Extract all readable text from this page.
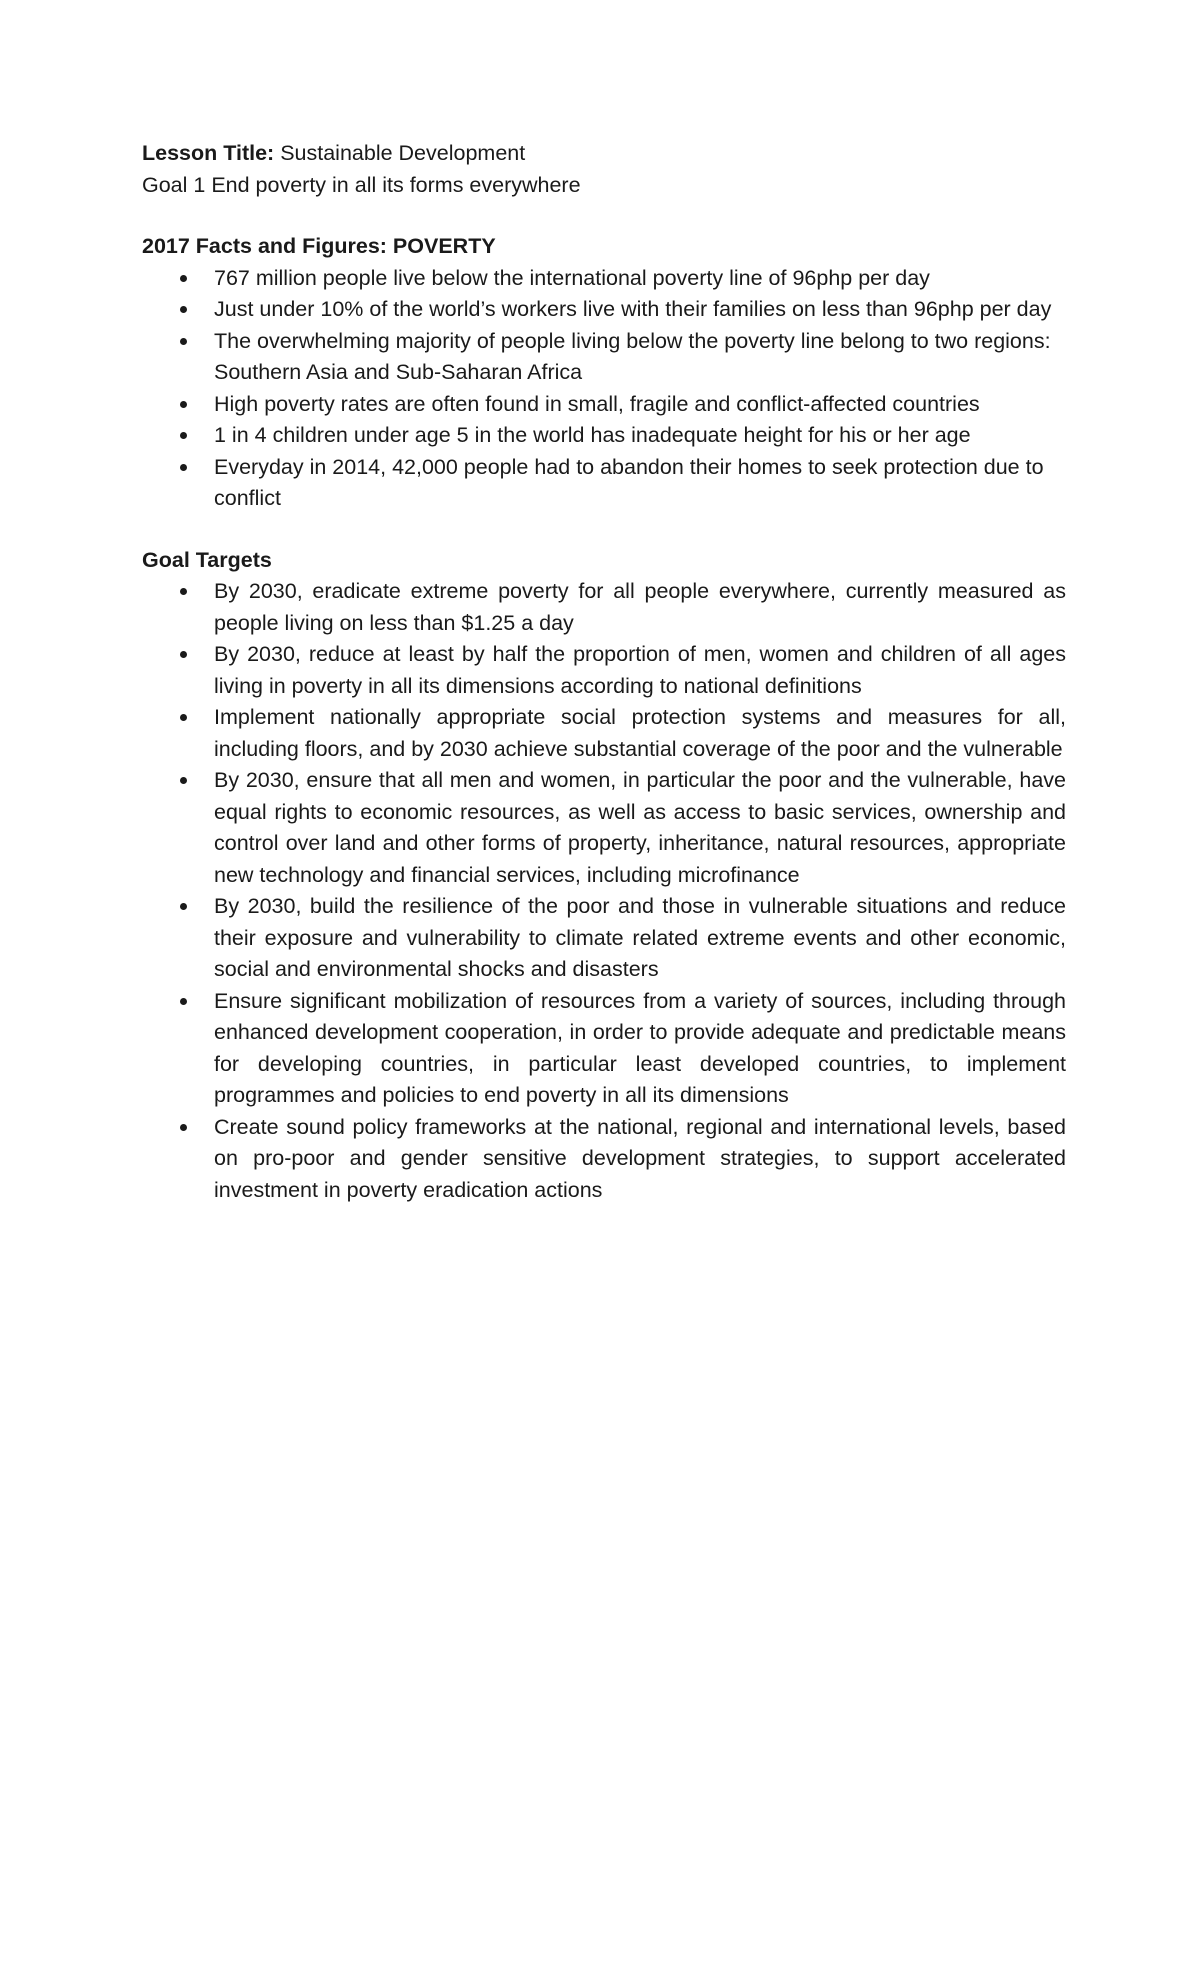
Lesson Title: Sustainable Development

Goal 1 End poverty in all its forms everywhere

2017 Facts and Figures: POVERTY

767 million people live below the international poverty line of 96php per day
Just under 10% of the world’s workers live with their families on less than 96php per day
The overwhelming majority of people living below the poverty line belong to two regions: Southern Asia and Sub-Saharan Africa
High poverty rates are often found in small, fragile and conflict-affected countries
1 in 4 children under age 5 in the world has inadequate height for his or her age
Everyday in 2014, 42,000 people had to abandon their homes to seek protection due to conflict

Goal Targets

By 2030, eradicate extreme poverty for all people everywhere, currently measured as people living on less than $1.25 a day
By 2030, reduce at least by half the proportion of men, women and children of all ages living in poverty in all its dimensions according to national definitions
Implement nationally appropriate social protection systems and measures for all, including floors, and by 2030 achieve substantial coverage of the poor and the vulnerable
By 2030, ensure that all men and women, in particular the poor and the vulnerable, have equal rights to economic resources, as well as access to basic services, ownership and control over land and other forms of property, inheritance, natural resources, appropriate new technology and financial services, including microfinance
By 2030, build the resilience of the poor and those in vulnerable situations and reduce their exposure and vulnerability to climate related extreme events and other economic, social and environmental shocks and disasters
Ensure significant mobilization of resources from a variety of sources, including through enhanced development cooperation, in order to provide adequate and predictable means for developing countries, in particular least developed countries, to implement programmes and policies to end poverty in all its dimensions
Create sound policy frameworks at the national, regional and international levels, based on pro-poor and gender sensitive development strategies, to support accelerated investment in poverty eradication actions
